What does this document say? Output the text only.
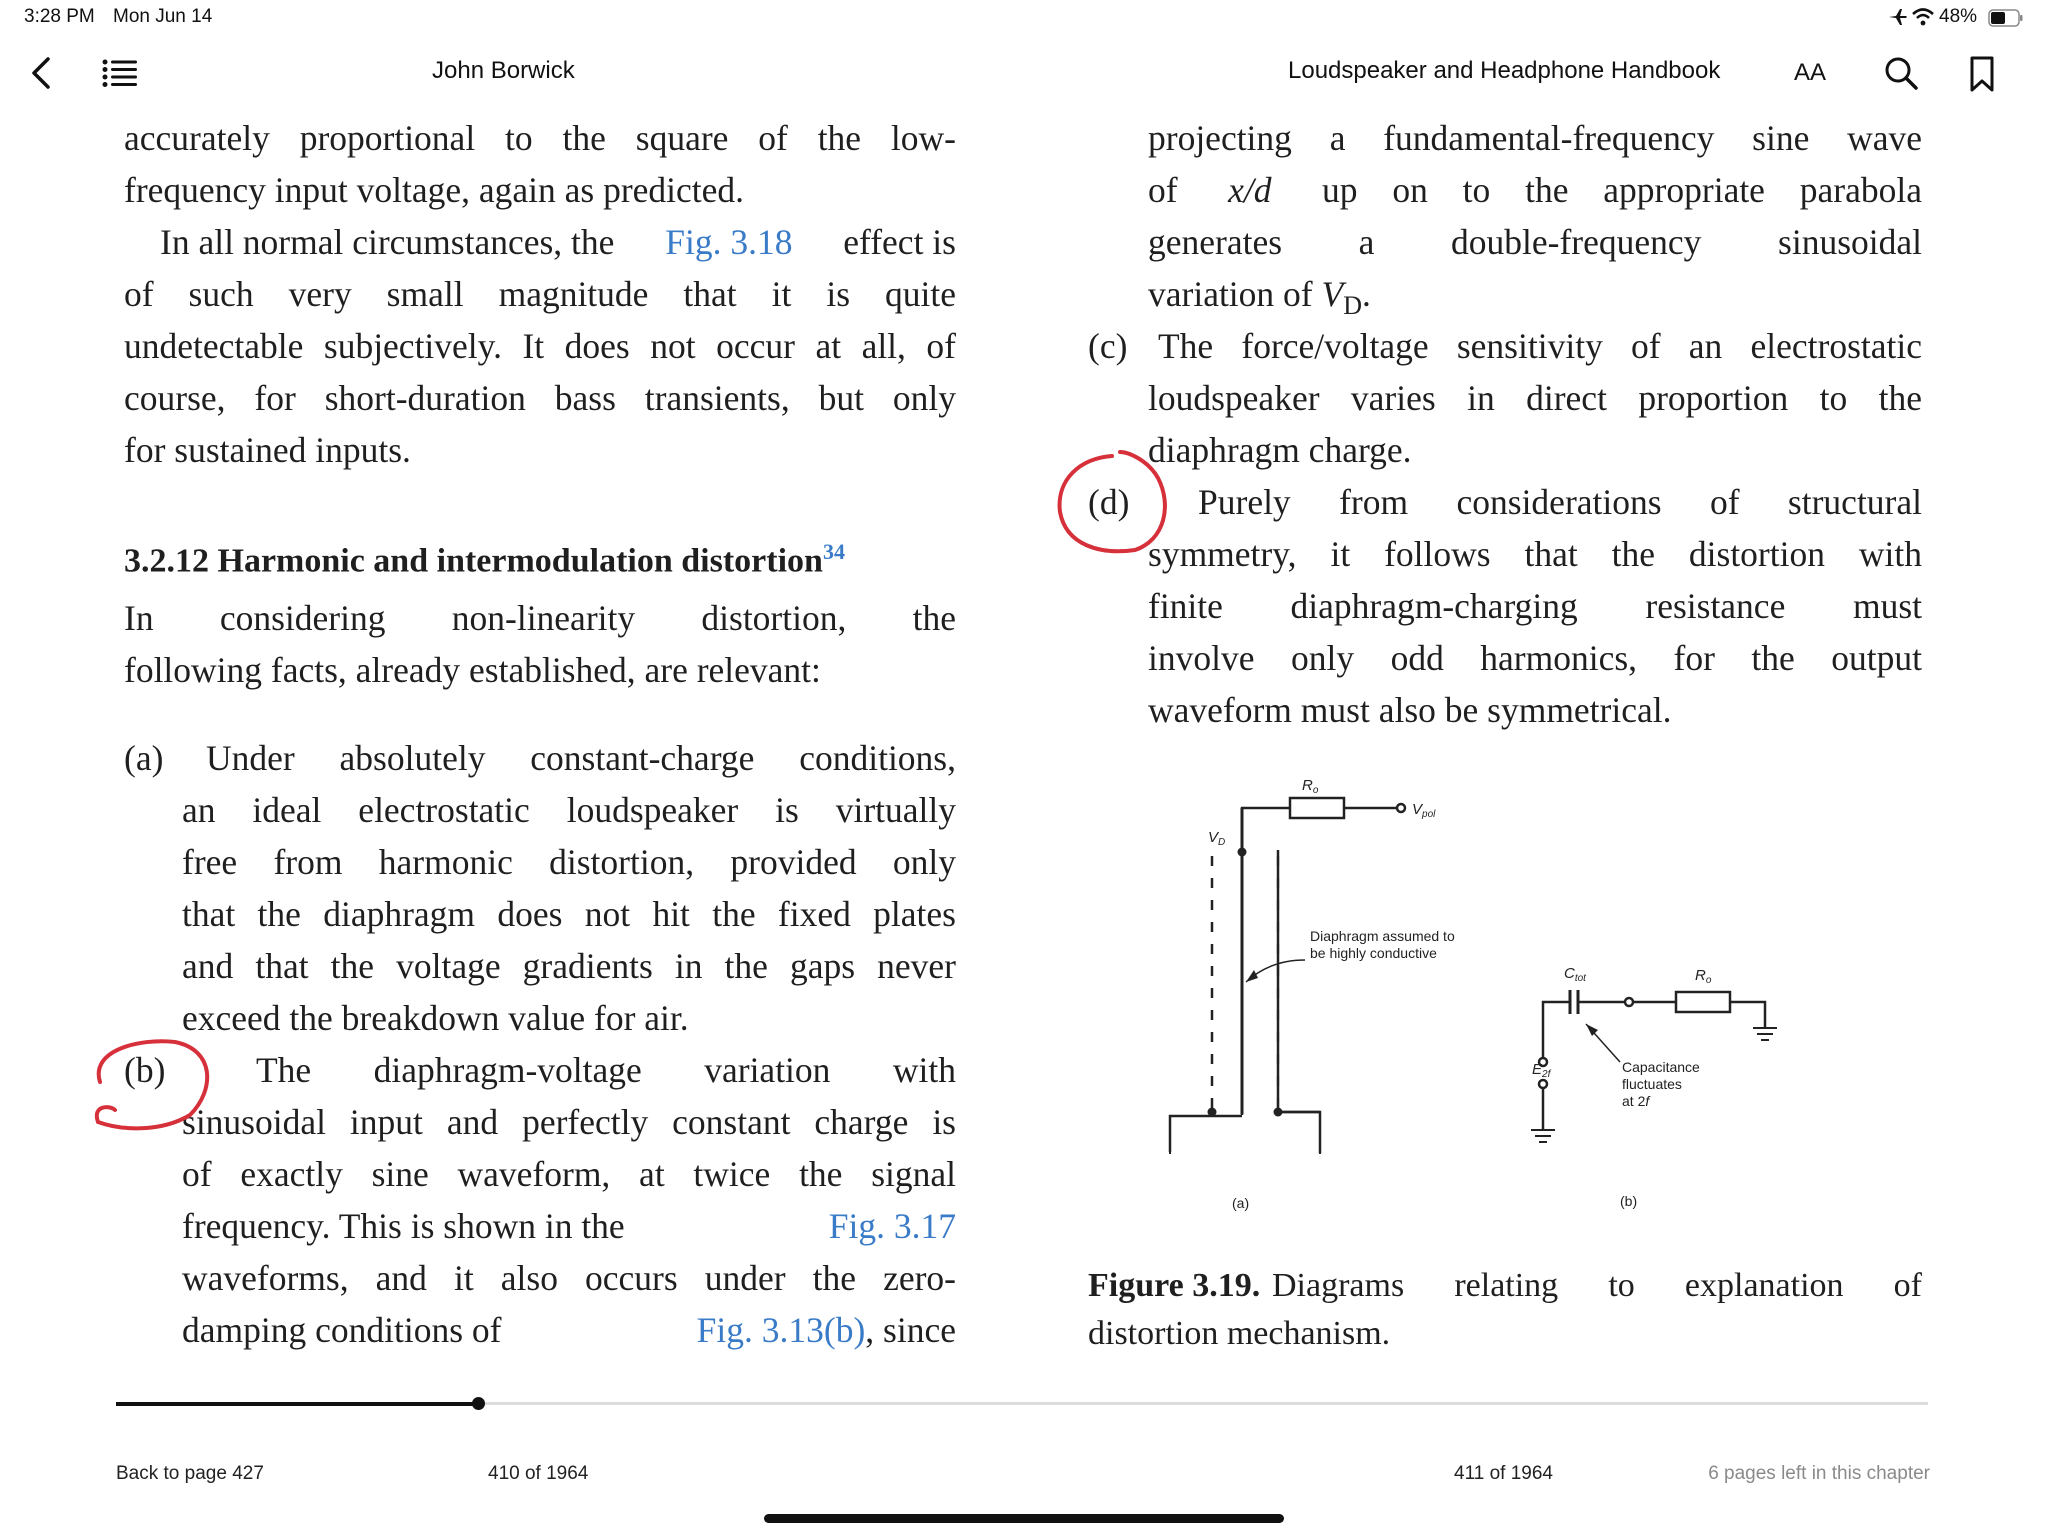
3:28 PM Mon Jun 14	48%
John Borwick	Loudspeaker and Headphone Handbook	AA
accurately proportional to the square of the low-
frequency input voltage, again as predicted.
In all normal circumstances, the Fig. 3.18 effect is
of such very small magnitude that it is quite
undetectable subjectively. It does not occur at all, of
course, for short-duration bass transients, but only
for sustained inputs.
3.2.12 Harmonic and intermodulation distortion$^{34}$
In considering non-linearity distortion, the
following facts, already established, are relevant:
(a) Under absolutely constant-charge conditions,
an ideal electrostatic loudspeaker is virtually
free from harmonic distortion, provided only
that the diaphragm does not hit the fixed plates
and that the voltage gradients in the gaps never
exceed the breakdown value for air.
(b)	The diaphragm-voltage variation with
sinusoidal input and perfectly constant charge is
of exactly sine waveform, at twice the signal
frequency. This is shown in the	Fig. 3.17
waveforms, and it also occurs under the zero-
damping conditions of	Fig. 3.13(b), since
projecting a fundamental-frequency sine wave
of x/d up on to the appropriate parabola
generates a double-frequency sinusoidal
variation of $V_D$.
(c) The force/voltage sensitivity of an electrostatic
loudspeaker varies in direct proportion to the
diaphragm charge.
(d) Purely from considerations of structural
symmetry, it follows that the distortion with
finite diaphragm-charging resistance must
involve only odd harmonics, for the output
waveform must also be symmetrical.
$R_o$
$V_{pol}$
$V_D$
Diaphragm assumed to
be highly conductive
$C_{tot}$	$R_o$
$E_{2f}$	Capacitance
fluctuates
at 2f
(a)	(b)
Figure 3.19. Diagrams relating to explanation of
distortion mechanism.
Back to page 427	410 of 1964	411 of 1964	6 pages left in this chapter
